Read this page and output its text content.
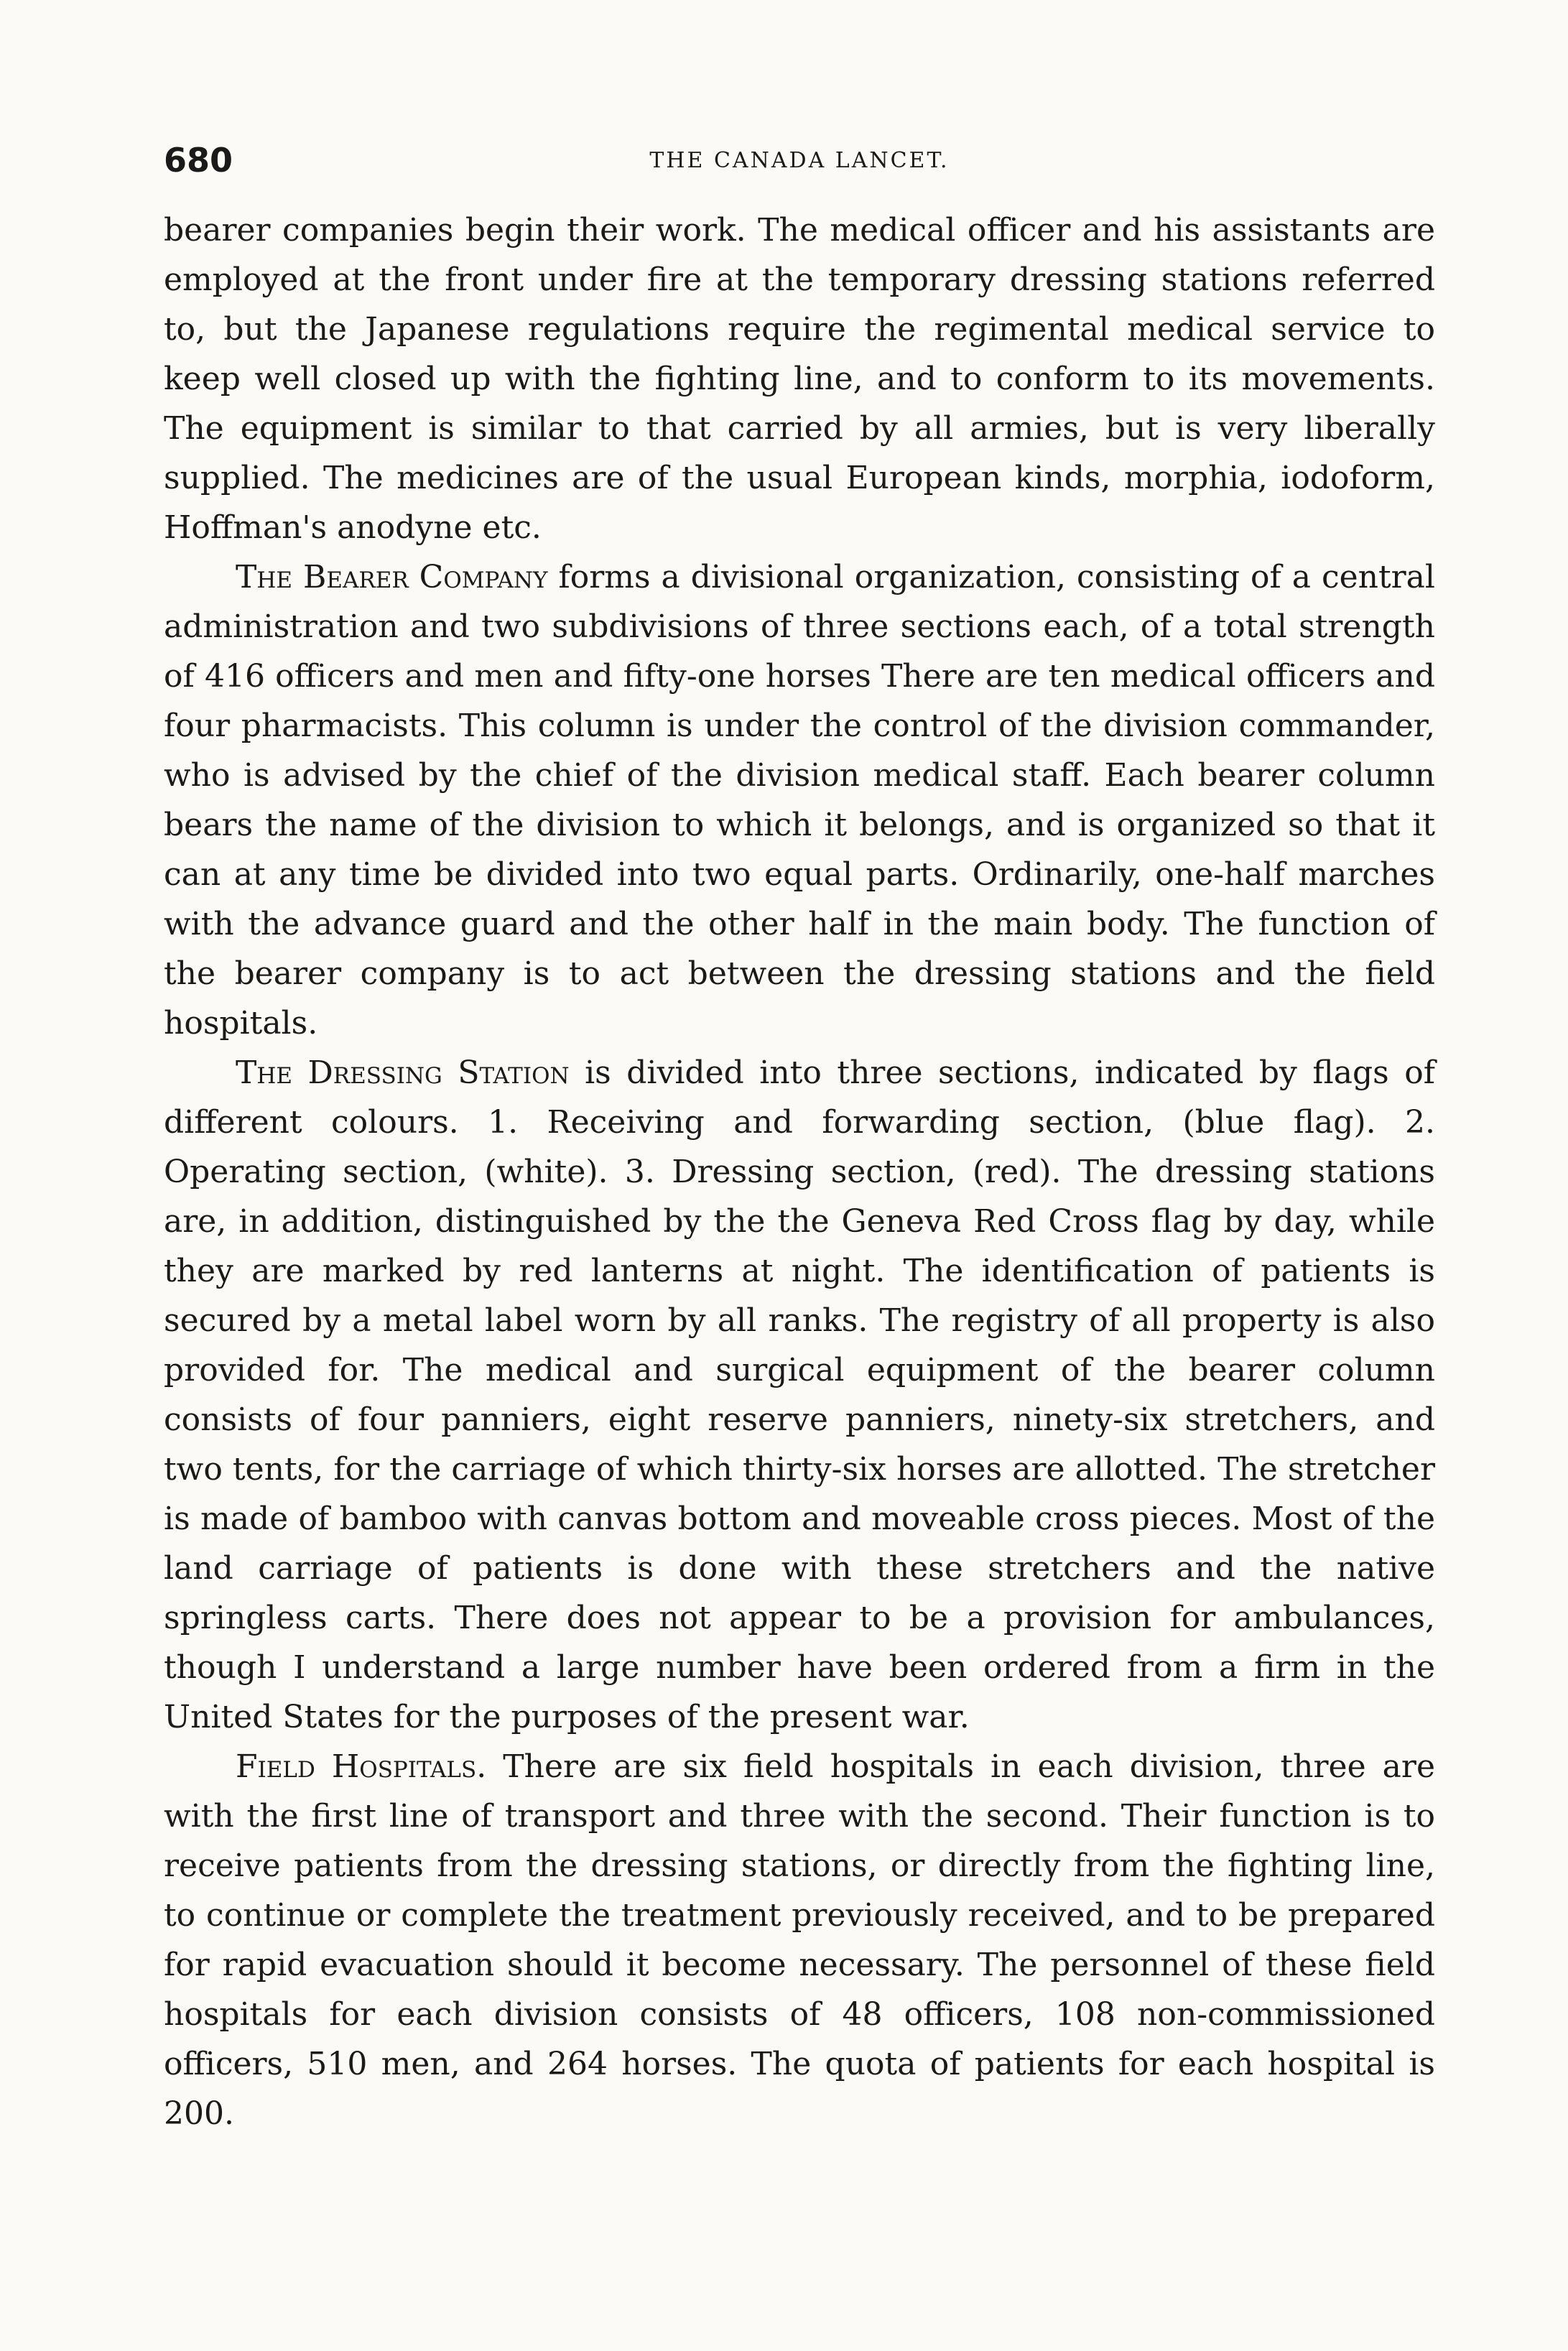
680	THE CANADA LANCET.

bearer companies begin their work. The medical officer and his assistants are employed at the front under fire at the temporary dressing stations referred to, but the Japanese regulations require the regimental medical service to keep well closed up with the fighting line, and to conform to its movements. The equipment is similar to that carried by all armies, but is very liberally supplied. The medicines are of the usual European kinds, morphia, iodoform, Hoffman's anodyne etc.

The Bearer Company forms a divisional organization, consisting of a central administration and two subdivisions of three sections each, of a total strength of 416 officers and men and fifty-one horses There are ten medical officers and four pharmacists. This column is under the control of the division commander, who is advised by the chief of the division medical staff. Each bearer column bears the name of the division to which it belongs, and is organized so that it can at any time be divided into two equal parts. Ordinarily, one-half marches with the advance guard and the other half in the main body. The function of the bearer company is to act between the dressing stations and the field hospitals.

The Dressing Station is divided into three sections, indicated by flags of different colours. 1. Receiving and forwarding section, (blue flag). 2. Operating section, (white). 3. Dressing section, (red). The dressing stations are, in addition, distinguished by the the Geneva Red Cross flag by day, while they are marked by red lanterns at night. The identification of patients is secured by a metal label worn by all ranks. The registry of all property is also provided for. The medical and surgical equipment of the bearer column consists of four panniers, eight reserve panniers, ninety-six stretchers, and two tents, for the carriage of which thirty-six horses are allotted. The stretcher is made of bamboo with canvas bottom and moveable cross pieces. Most of the land carriage of patients is done with these stretchers and the native springless carts. There does not appear to be a provision for ambulances, though I understand a large number have been ordered from a firm in the United States for the purposes of the present war.

Field Hospitals. There are six field hospitals in each division, three are with the first line of transport and three with the second. Their function is to receive patients from the dressing stations, or directly from the fighting line, to continue or complete the treatment previously received, and to be prepared for rapid evacuation should it become necessary. The personnel of these field hospitals for each division consists of 48 officers, 108 non-commissioned officers, 510 men, and 264 horses. The quota of patients for each hospital is 200.
